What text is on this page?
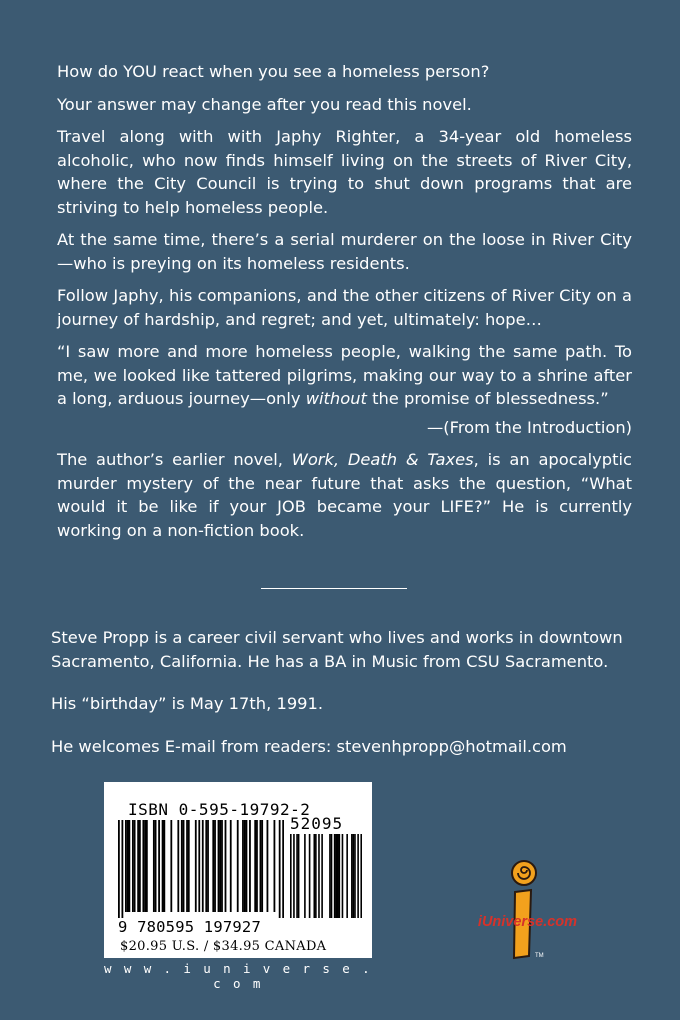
How do YOU react when you see a homeless person?

Your answer may change after you read this novel.

Travel along with with Japhy Righter, a 34-year old homeless alcoholic, who now finds himself living on the streets of River City, where the City Council is trying to shut down programs that are striving to help homeless people.

At the same time, there’s a serial murderer on the loose in River City—who is preying on its homeless residents.

Follow Japhy, his companions, and the other citizens of River City on a journey of hardship, and regret; and yet, ultimately: hope…

“I saw more and more homeless people, walking the same path. To me, we looked like tattered pilgrims, making our way to a shrine after a long, arduous journey—only without the promise of blessedness.”

—(From the Introduction)

The author’s earlier novel, Work, Death & Taxes, is an apocalyptic murder mystery of the near future that asks the question, “What would it be like if your JOB became your LIFE?” He is currently working on a non-fiction book.

Steve Propp is a career civil servant who lives and works in downtown Sacramento, California. He has a BA in Music from CSU Sacramento.

His “birthday” is May 17th, 1991.

He welcomes E-mail from readers: stevenhpropp@hotmail.com

ISBN 0-595-19792-2
52095
9 780595 197927
$20.95 U.S. / $34.95 CANADA
w w w . i u n i v e r s e . c o m
TM
iUniverse.com
